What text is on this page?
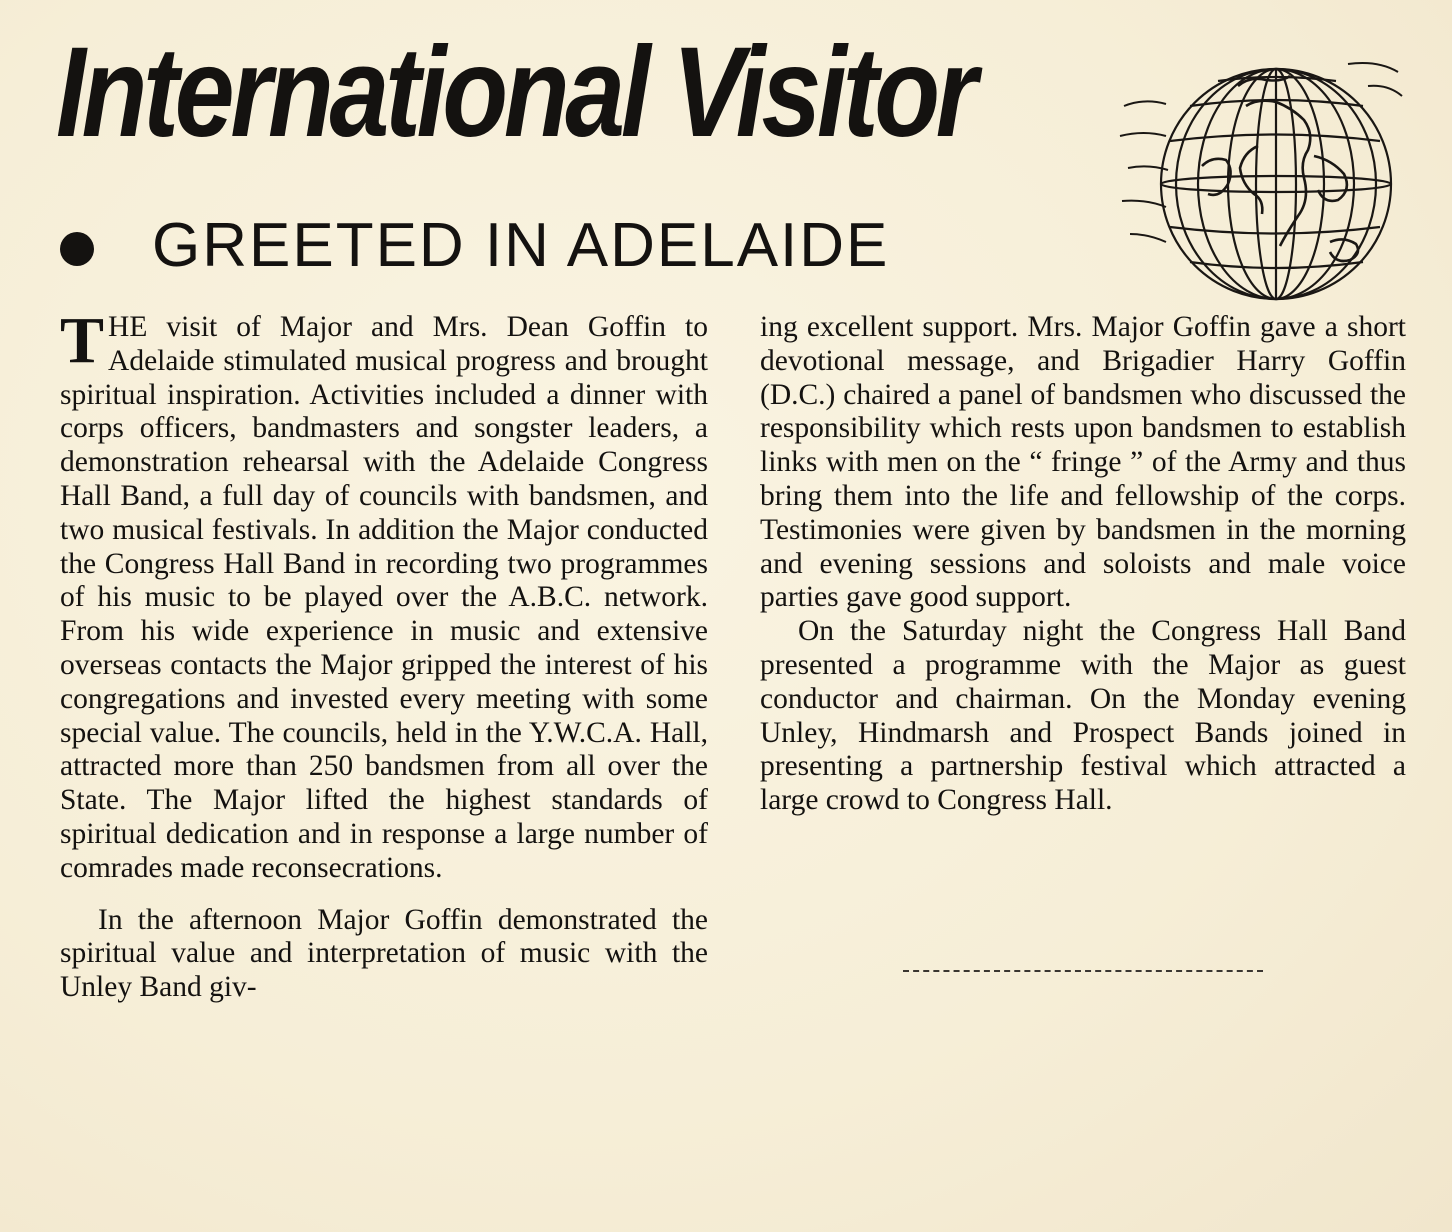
International Visitor
GREETED IN ADELAIDE

THE visit of Major and Mrs. Dean Goffin to Adelaide stimulated musical progress and brought spiritual inspiration. Activities included a dinner with corps officers, bandmasters and songster leaders, a demonstration rehearsal with the Adelaide Congress Hall Band, a full day of councils with bandsmen, and two musical festivals. In addition the Major conducted the Congress Hall Band in recording two programmes of his music to be played over the A.B.C. network. From his wide experience in music and extensive overseas contacts the Major gripped the interest of his congregations and invested every meeting with some special value. The councils, held in the Y.W.C.A. Hall, attracted more than 250 bandsmen from all over the State. The Major lifted the highest standards of spiritual dedication and in response a large number of comrades made reconsecrations.

In the afternoon Major Goffin demonstrated the spiritual value and interpretation of music with the Unley Band giv-

ing excellent support. Mrs. Major Goffin gave a short devotional message, and Brigadier Harry Goffin (D.C.) chaired a panel of bandsmen who discussed the responsibility which rests upon bandsmen to establish links with men on the “ fringe ” of the Army and thus bring them into the life and fellowship of the corps. Testimonies were given by bandsmen in the morning and evening sessions and soloists and male voice parties gave good support.

On the Saturday night the Congress Hall Band presented a programme with the Major as guest conductor and chairman. On the Monday evening Unley, Hindmarsh and Prospect Bands joined in presenting a partnership festival which attracted a large crowd to Congress Hall.
